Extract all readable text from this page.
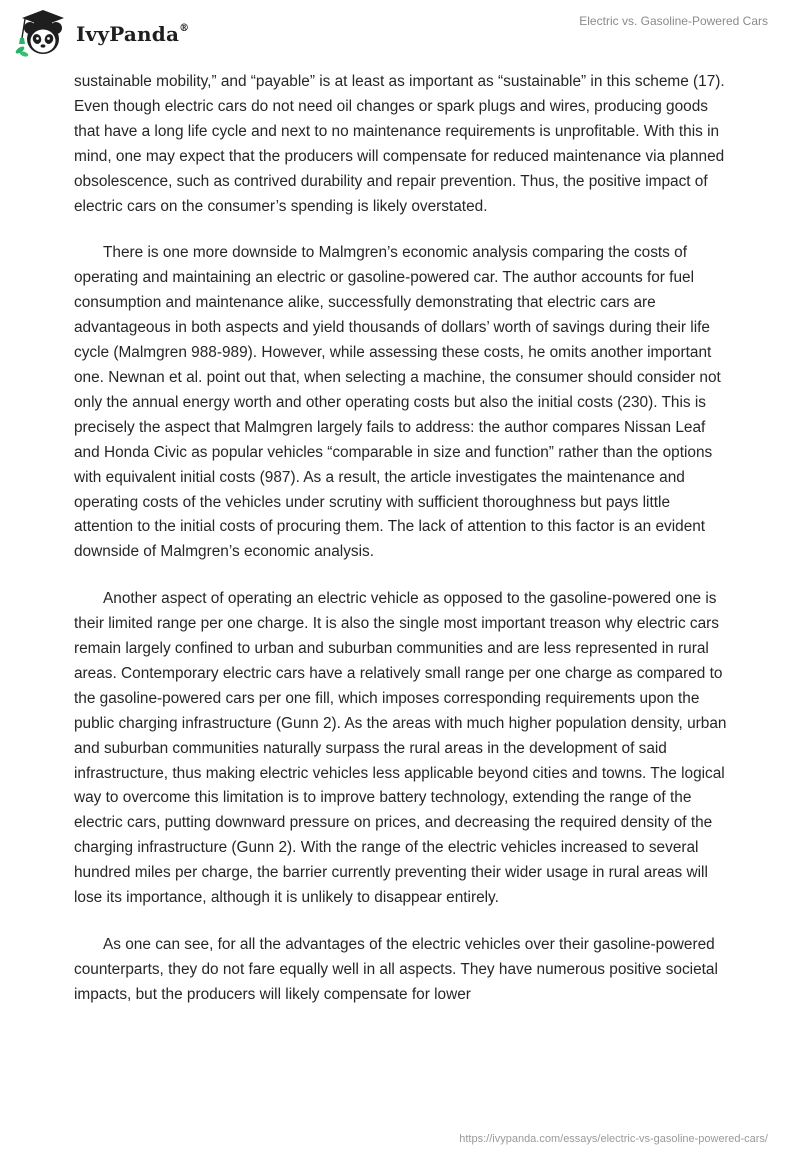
IvyPanda®
Electric vs. Gasoline-Powered Cars

sustainable mobility,” and “payable” is at least as important as “sustainable” in this scheme (17). Even though electric cars do not need oil changes or spark plugs and wires, producing goods that have a long life cycle and next to no maintenance requirements is unprofitable. With this in mind, one may expect that the producers will compensate for reduced maintenance via planned obsolescence, such as contrived durability and repair prevention. Thus, the positive impact of electric cars on the consumer’s spending is likely overstated.

There is one more downside to Malmgren’s economic analysis comparing the costs of operating and maintaining an electric or gasoline-powered car. The author accounts for fuel consumption and maintenance alike, successfully demonstrating that electric cars are advantageous in both aspects and yield thousands of dollars’ worth of savings during their life cycle (Malmgren 988-989). However, while assessing these costs, he omits another important one. Newnan et al. point out that, when selecting a machine, the consumer should consider not only the annual energy worth and other operating costs but also the initial costs (230). This is precisely the aspect that Malmgren largely fails to address: the author compares Nissan Leaf and Honda Civic as popular vehicles “comparable in size and function” rather than the options with equivalent initial costs (987). As a result, the article investigates the maintenance and operating costs of the vehicles under scrutiny with sufficient thoroughness but pays little attention to the initial costs of procuring them. The lack of attention to this factor is an evident downside of Malmgren’s economic analysis.

Another aspect of operating an electric vehicle as opposed to the gasoline-powered one is their limited range per one charge. It is also the single most important treason why electric cars remain largely confined to urban and suburban communities and are less represented in rural areas. Contemporary electric cars have a relatively small range per one charge as compared to the gasoline-powered cars per one fill, which imposes corresponding requirements upon the public charging infrastructure (Gunn 2). As the areas with much higher population density, urban and suburban communities naturally surpass the rural areas in the development of said infrastructure, thus making electric vehicles less applicable beyond cities and towns. The logical way to overcome this limitation is to improve battery technology, extending the range of the electric cars, putting downward pressure on prices, and decreasing the required density of the charging infrastructure (Gunn 2). With the range of the electric vehicles increased to several hundred miles per charge, the barrier currently preventing their wider usage in rural areas will lose its importance, although it is unlikely to disappear entirely.

As one can see, for all the advantages of the electric vehicles over their gasoline-powered counterparts, they do not fare equally well in all aspects. They have numerous positive societal impacts, but the producers will likely compensate for lower

https://ivypanda.com/essays/electric-vs-gasoline-powered-cars/
